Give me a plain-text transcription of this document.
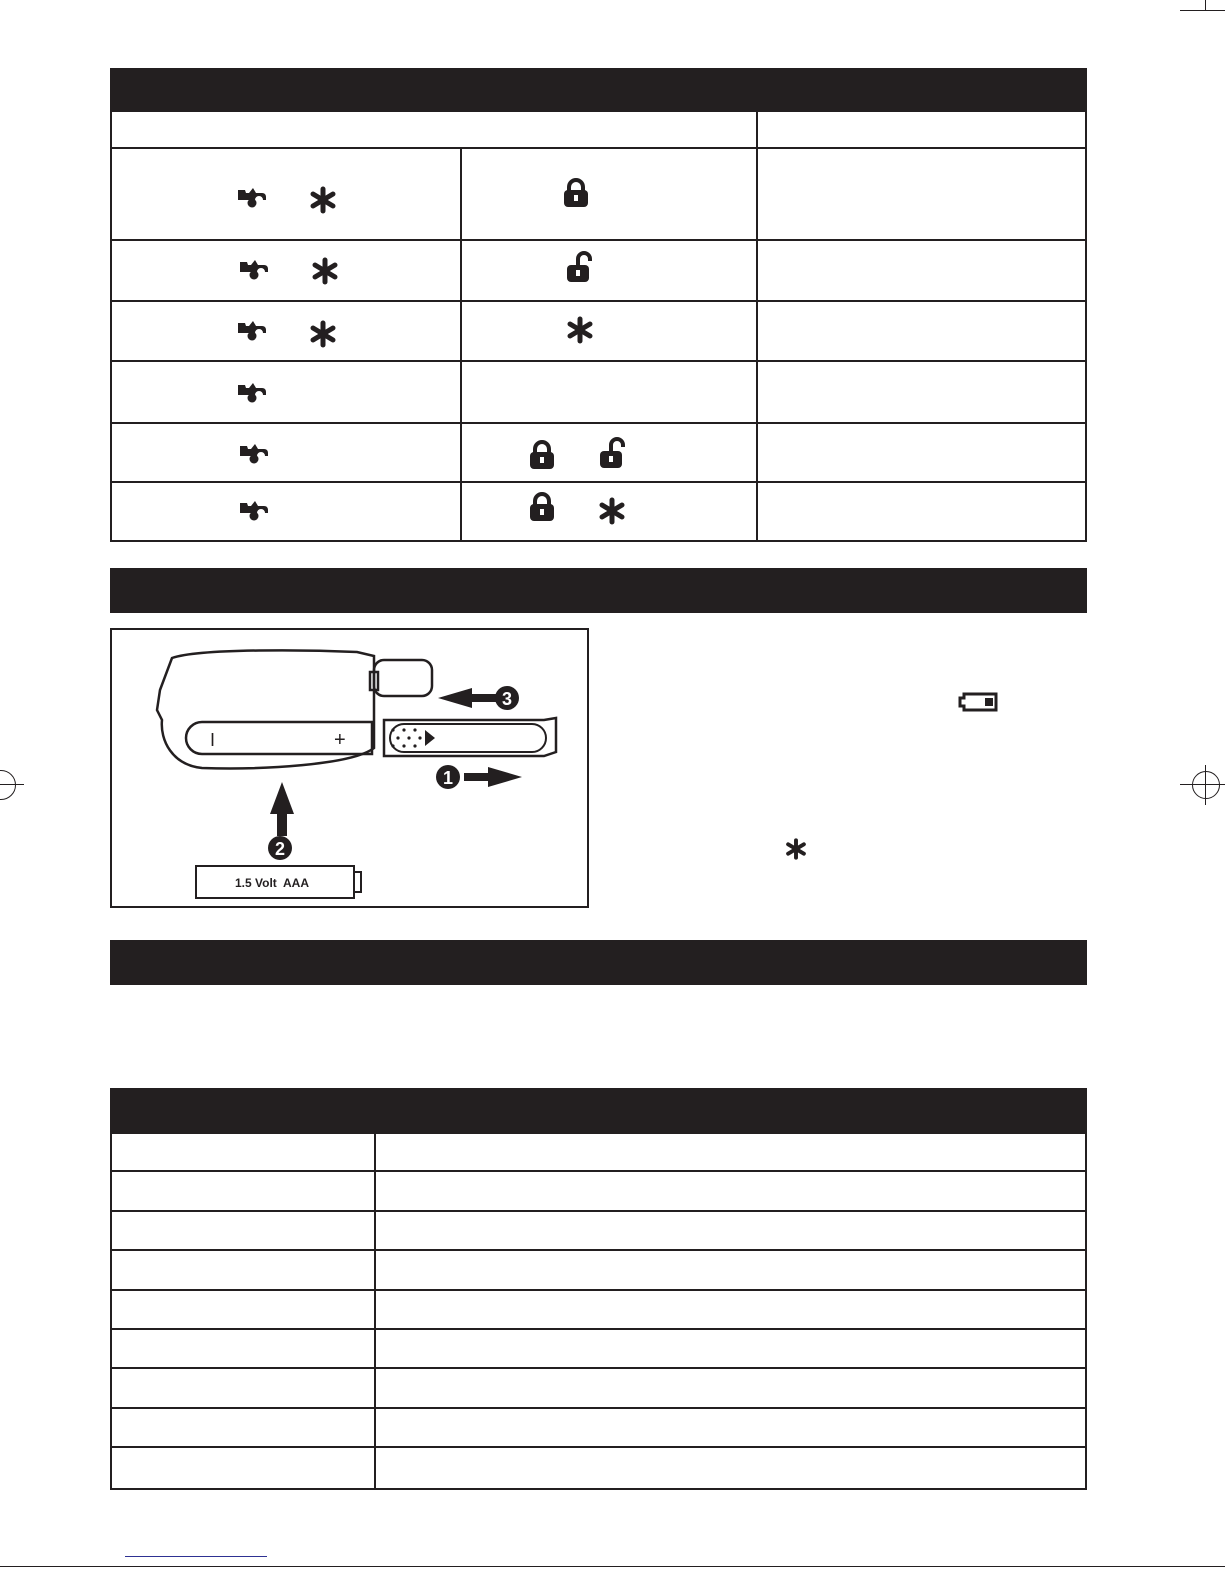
I	+
3
1
2
1.5 Volt  AAA
